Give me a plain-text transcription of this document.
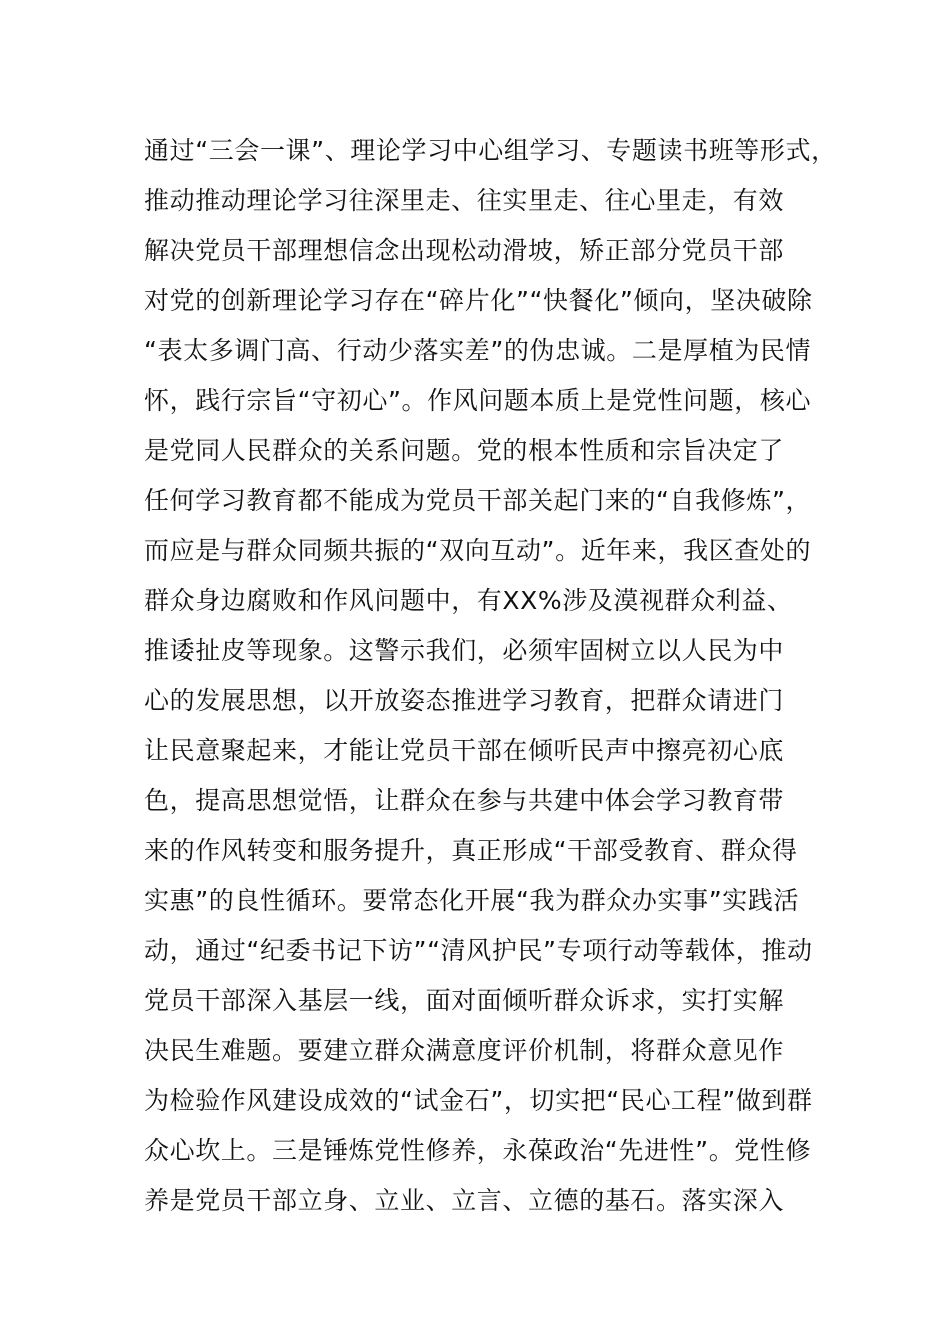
通过“三会一课”、理论学习中心组学习、专题读书班等形式，
推动推动理论学习往深里走、往实里走、往心里走，有效
解决党员干部理想信念出现松动滑坡，矫正部分党员干部
对党的创新理论学习存在“碎片化”“快餐化”倾向，坚决破除
“表太多调门高、行动少落实差”的伪忠诚。二是厚植为民情
怀，践行宗旨“守初心”。作风问题本质上是党性问题，核心
是党同人民群众的关系问题。党的根本性质和宗旨决定了
任何学习教育都不能成为党员干部关起门来的“自我修炼”，
而应是与群众同频共振的“双向互动”。近年来，我区查处的
群众身边腐败和作风问题中，有XX%涉及漠视群众利益、
推诿扯皮等现象。这警示我们，必须牢固树立以人民为中
心的发展思想，以开放姿态推进学习教育，把群众请进门
让民意聚起来，才能让党员干部在倾听民声中擦亮初心底
色，提高思想觉悟，让群众在参与共建中体会学习教育带
来的作风转变和服务提升，真正形成“干部受教育、群众得
实惠”的良性循环。要常态化开展“我为群众办实事”实践活
动，通过“纪委书记下访”“清风护民”专项行动等载体，推动
党员干部深入基层一线，面对面倾听群众诉求，实打实解
决民生难题。要建立群众满意度评价机制，将群众意见作
为检验作风建设成效的“试金石”，切实把“民心工程”做到群
众心坎上。三是锤炼党性修养，永葆政治“先进性”。党性修
养是党员干部立身、立业、立言、立德的基石。落实深入
